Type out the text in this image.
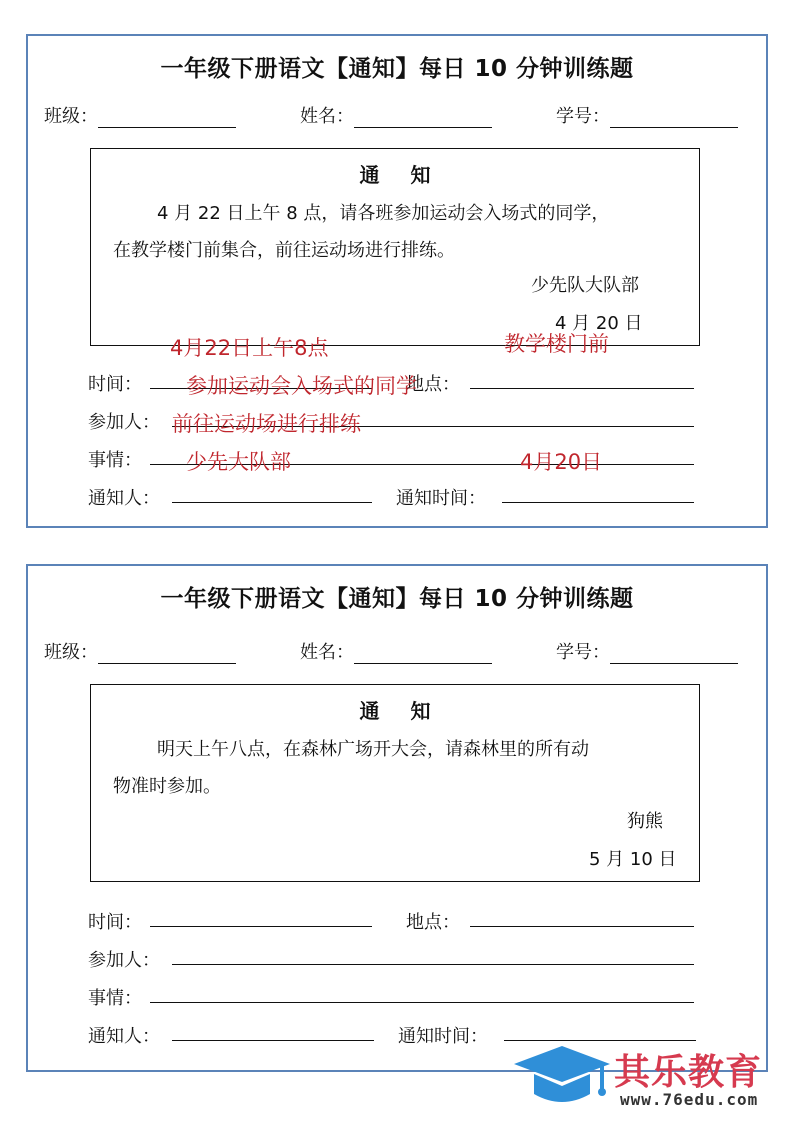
一年级下册语文【通知】每日 10 分钟训练题
班级：	姓名：	学号：
通 知
4 月 22 日上午 8 点，请各班参加运动会入场式的同学，
在教学楼门前集合，前往运动场进行排练。
少先队大队部
4 月 20 日
时间：
4月22日上午8点
地点：
教学楼门前
参加人：
参加运动会入场式的同学
事情：
前往运动场进行排练
通知人：
少先大队部
通知时间：
4月20日
一年级下册语文【通知】每日 10 分钟训练题
班级：	姓名：	学号：
通 知
明天上午八点，在森林广场开大会，请森林里的所有动
物准时参加。
狗熊
5 月 10 日
时间：	地点：
参加人：
事情：
通知人：	通知时间：
其乐教育
www.76edu.com
